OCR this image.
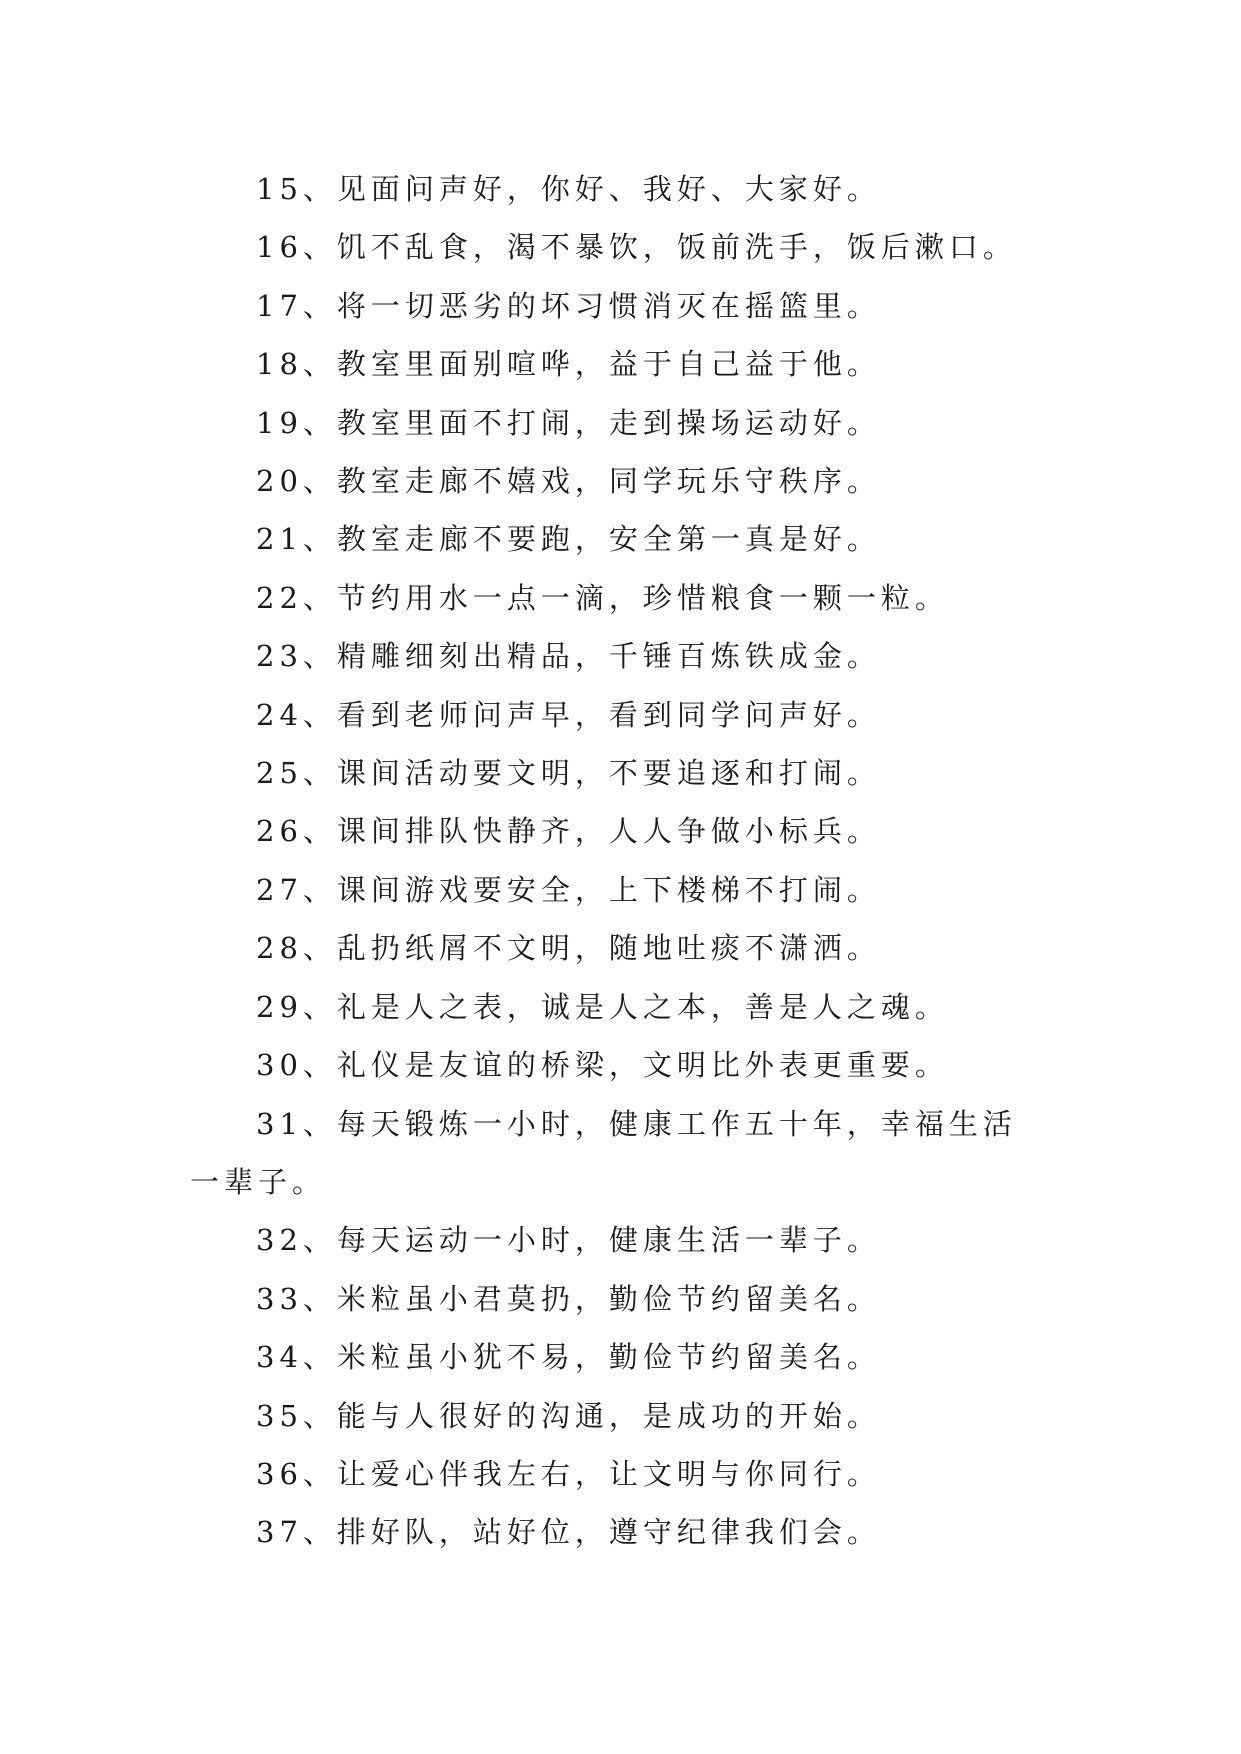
15、见面问声好，你好、我好、大家好。

16、饥不乱食，渴不暴饮，饭前洗手，饭后漱口。

17、将一切恶劣的坏习惯消灭在摇篮里。

18、教室里面别喧哗，益于自己益于他。

19、教室里面不打闹，走到操场运动好。

20、教室走廊不嬉戏，同学玩乐守秩序。

21、教室走廊不要跑，安全第一真是好。

22、节约用水一点一滴，珍惜粮食一颗一粒。

23、精雕细刻出精品，千锤百炼铁成金。

24、看到老师问声早，看到同学问声好。

25、课间活动要文明，不要追逐和打闹。

26、课间排队快静齐，人人争做小标兵。

27、课间游戏要安全，上下楼梯不打闹。

28、乱扔纸屑不文明，随地吐痰不潇洒。

29、礼是人之表，诚是人之本，善是人之魂。

30、礼仪是友谊的桥梁，文明比外表更重要。

31、每天锻炼一小时，健康工作五十年，幸福生活一辈子。

32、每天运动一小时，健康生活一辈子。

33、米粒虽小君莫扔，勤俭节约留美名。

34、米粒虽小犹不易，勤俭节约留美名。

35、能与人很好的沟通，是成功的开始。

36、让爱心伴我左右，让文明与你同行。

37、排好队，站好位，遵守纪律我们会。
